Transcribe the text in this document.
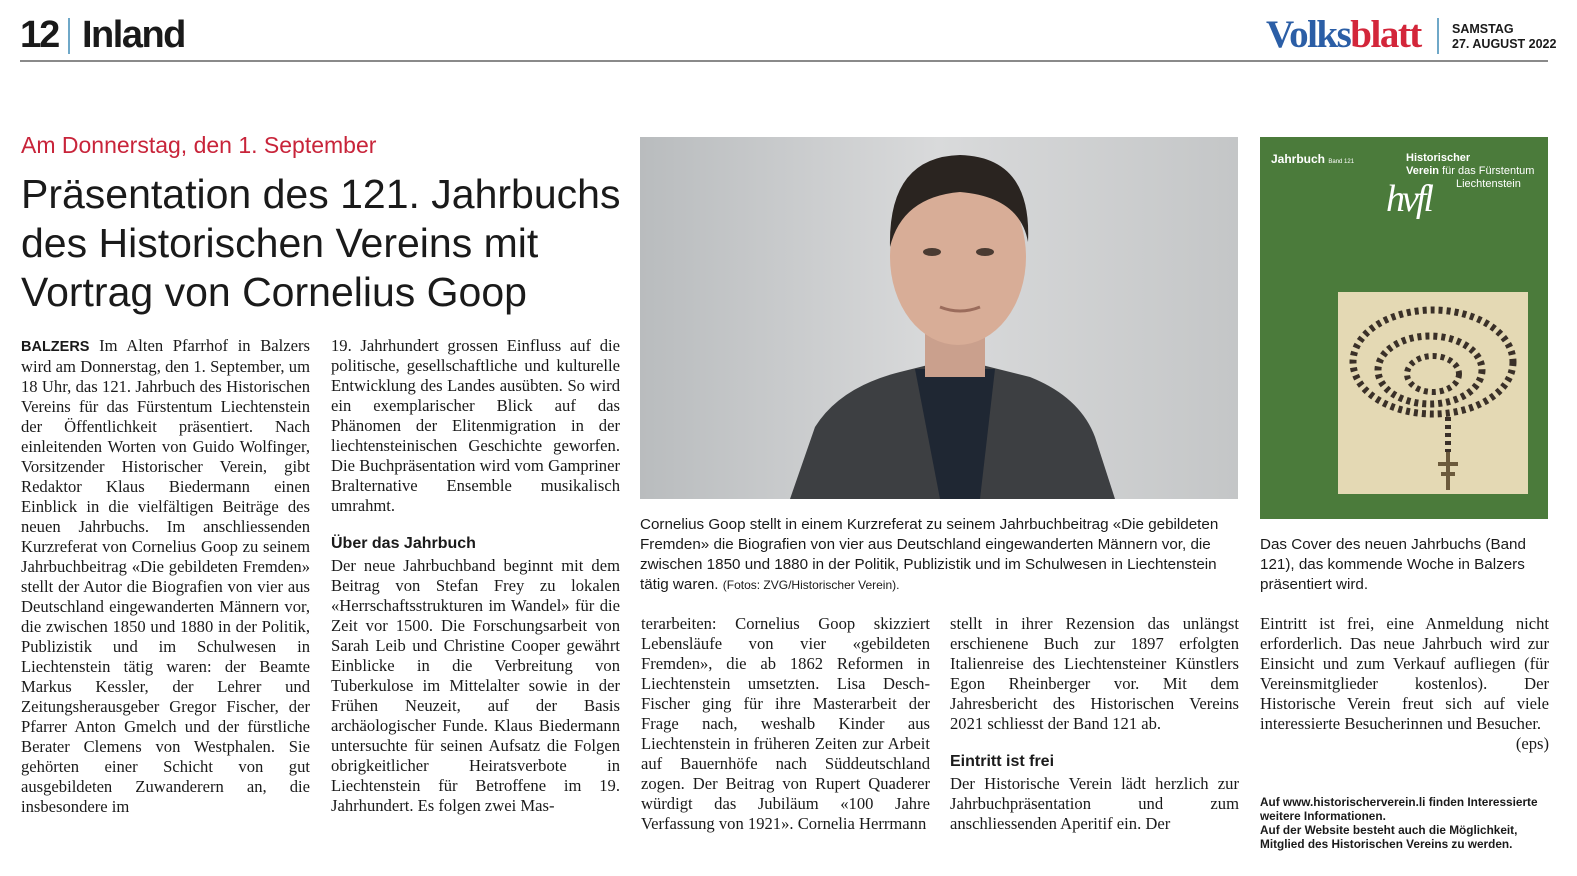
12 Inland	Volksblatt SAMSTAG
27. AUGUST 2022
Am Donnerstag, den 1. September
Präsentation des 121. Jahrbuchs des Historischen Vereins mit Vortrag von Cornelius Goop

BALZERS Im Alten Pfarrhof in Balzers wird am Donnerstag, den 1. September, um 18 Uhr, das 121. Jahrbuch des Historischen Vereins für das Fürstentum Liechtenstein der Öffentlichkeit präsentiert. Nach einleitenden Worten von Guido Wolfinger, Vorsitzender Historischer Verein, gibt Redaktor Klaus Biedermann einen Einblick in die vielfältigen Beiträge des neuen Jahrbuchs. Im anschliessenden Kurzreferat von Cornelius Goop zu seinem Jahrbuchbeitrag «Die gebildeten Fremden» stellt der Autor die Biografien von vier aus Deutschland eingewanderten Männern vor, die zwischen 1850 und 1880 in der Politik, Publizistik und im Schulwesen in Liechtenstein tätig waren: der Beamte Markus Kessler, der Lehrer und Zeitungsherausgeber Gregor Fischer, der Pfarrer Anton Gmelch und der fürstliche Berater Clemens von Westphalen. Sie gehörten einer Schicht von gut ausgebildeten Zuwanderern an, die insbesondere im

19. Jahrhundert grossen Einfluss auf die politische, gesellschaftliche und kulturelle Entwicklung des Landes ausübten. So wird ein exemplarischer Blick auf das Phänomen der Elitenmigration in der liechtensteinischen Geschichte geworfen. Die Buchpräsentation wird vom Gampriner Bralternative Ensemble musikalisch umrahmt.

Über das Jahrbuch

Der neue Jahrbuchband beginnt mit dem Beitrag von Stefan Frey zu lokalen «Herrschaftsstrukturen im Wandel» für die Zeit vor 1500. Die Forschungsarbeit von Sarah Leib und Christine Cooper gewährt Einblicke in die Verbreitung von Tuberkulose im Mittelalter sowie in der Frühen Neuzeit, auf der Basis archäologischer Funde. Klaus Biedermann untersuchte für seinen Aufsatz die Folgen obrigkeitlicher Heiratsverbote in Liechtenstein für Betroffene im 19. Jahrhundert. Es folgen zwei Mas-

Cornelius Goop stellt in einem Kurzreferat zu seinem Jahrbuchbeitrag «Die gebildeten Fremden» die Biografien von vier aus Deutschland eingewanderten Männern vor, die zwischen 1850 und 1880 in der Politik, Publizistik und im Schulwesen in Liechtenstein tätig waren. (Fotos: ZVG/Historischer Verein).

terarbeiten: Cornelius Goop skizziert Lebensläufe von vier «gebildeten Fremden», die ab 1862 Reformen in Liechtenstein umsetzten. Lisa Desch-Fischer ging für ihre Masterarbeit der Frage nach, weshalb Kinder aus Liechtenstein in früheren Zeiten zur Arbeit auf Bauernhöfe nach Süddeutschland zogen. Der Beitrag von Rupert Quaderer würdigt das Jubiläum «100 Jahre Verfassung von 1921». Cornelia Herrmann

stellt in ihrer Rezension das unlängst erschienene Buch zur 1897 erfolgten Italienreise des Liechtensteiner Künstlers Egon Rheinberger vor. Mit dem Jahresbericht des Historischen Vereins 2021 schliesst der Band 121 ab.

Eintritt ist frei

Der Historische Verein lädt herzlich zur Jahrbuchpräsentation und zum anschliessenden Aperitif ein. Der

Jahrbuch Band 121	Historischer
Verein für das Fürstentum
Liechtenstein
hvfl
Das Cover des neuen Jahrbuchs (Band 121), das kommende Woche in Balzers präsentiert wird.

Eintritt ist frei, eine Anmeldung nicht erforderlich. Das neue Jahrbuch wird zur Einsicht und zum Verkauf aufliegen (für Vereinsmitglieder kostenlos). Der Historische Verein freut sich auf viele interessierte Besucherinnen und Besucher.
(eps)

Auf www.historischerverein.li finden Interessierte weitere Informationen.
Auf der Website besteht auch die Möglichkeit, Mitglied des Historischen Vereins zu werden.
